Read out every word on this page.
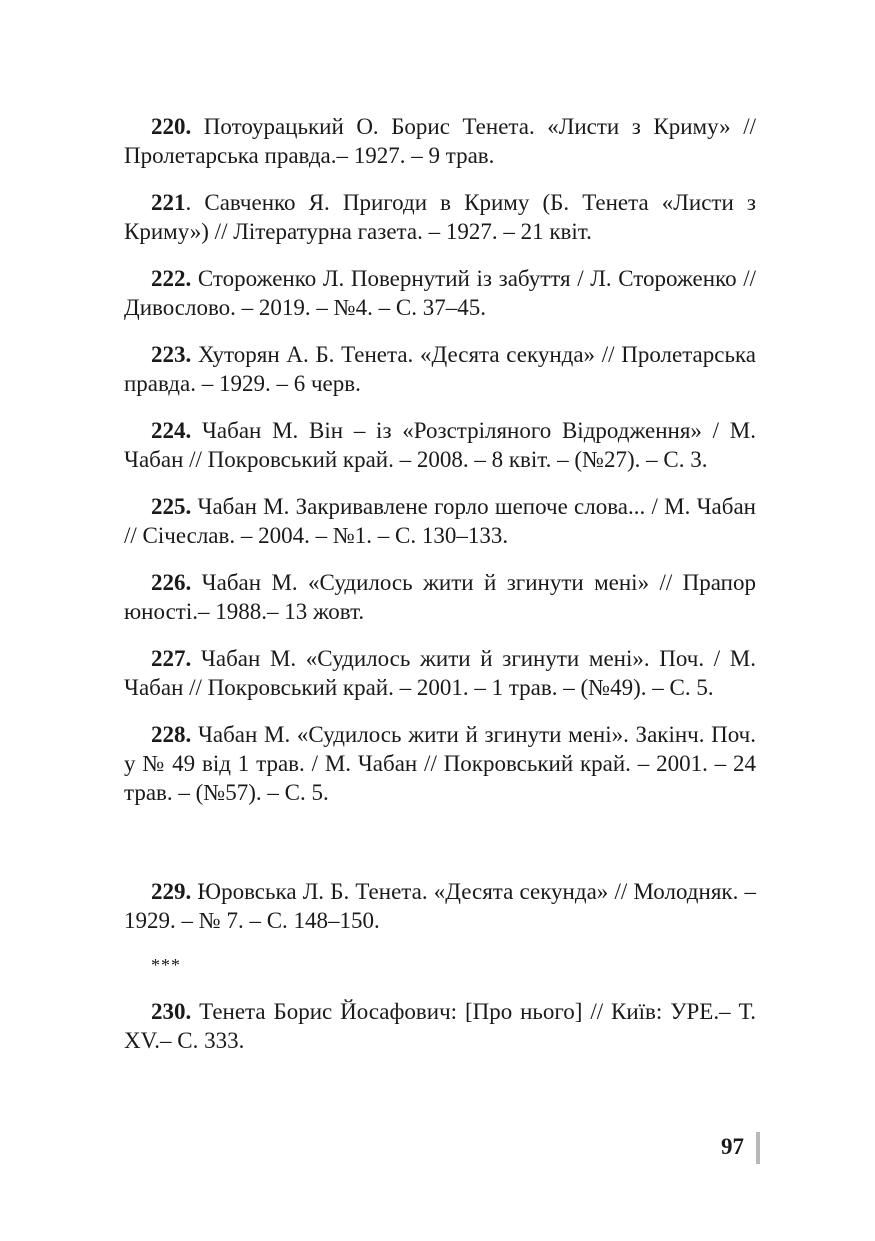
220. Потоурацький О. Борис Тенета. «Листи з Криму» // Пролетарська правда.– 1927. – 9 трав.

221. Савченко Я. Пригоди в Криму (Б. Тенета «Листи з Криму») // Літературна газета. – 1927. – 21 квіт.

222. Стороженко Л. Повернутий із забуття / Л. Стороженко // Дивослово. – 2019. – №4. – С. 37–45.

223. Хуторян А. Б. Тенета. «Десята секунда» // Пролетарська правда. – 1929. – 6 черв.

224. Чабан М. Він – із «Розстріляного Відродження» / М. Чабан // Покровський край. – 2008. – 8 квіт. – (№27). – С. 3.

225. Чабан М. Закривавлене горло шепоче слова... / М. Чабан // Січеслав. – 2004. – №1. – С. 130–133.

226. Чабан М. «Судилось жити й згинути мені» // Прапор юності.– 1988.– 13 жовт.

227. Чабан М. «Судилось жити й згинути мені». Поч. / М. Чабан // Покровський край. – 2001. – 1 трав. – (№49). – С. 5.

228. Чабан М. «Судилось жити й згинути мені». Закінч. Поч. у № 49 від 1 трав. / М. Чабан // Покровський край. – 2001. – 24 трав. – (№57). – С. 5.

229. Юровська Л. Б. Тенета. «Десята секунда» // Молодняк. – 1929. – № 7. – С. 148–150.

***

230. Тенета Борис Йосафович: [Про нього] // Київ: УРЕ.– Т. XV.– С. 333.

97
